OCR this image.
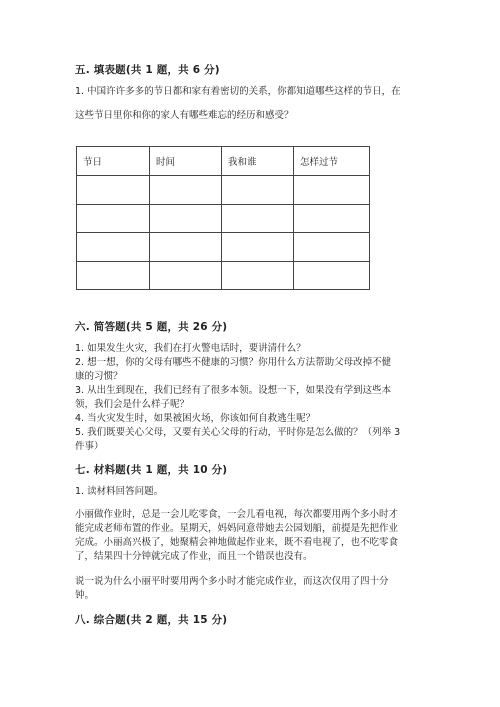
五. 填表题(共 1 题，共 6 分)
1. 中国许许多多的节日都和家有着密切的关系，你都知道哪些这样的节日，在
这些节日里你和你的家人有哪些难忘的经历和感受？
节日	时间	我和谁	怎样过节

六. 简答题(共 5 题，共 26 分)
1. 如果发生火灾，我们在打火警电话时，要讲清什么？
2. 想一想，你的父母有哪些不健康的习惯？你用什么方法帮助父母改掉不健
康的习惯？
3. 从出生到现在，我们已经有了很多本领。设想一下，如果没有学到这些本
领，我们会是什么样子呢？
4. 当火灾发生时，如果被困火场，你该如何自救逃生呢？
5. 我们既要关心父母，又要有关心父母的行动，平时你是怎么做的？（列举 3
件事）
七. 材料题(共 1 题，共 10 分)
1. 读材料回答问题。
小丽做作业时，总是一会儿吃零食，一会儿看电视，每次都要用两个多小时才
能完成老师布置的作业。星期天，妈妈同意带她去公园划船，前提是先把作业
完成。小丽高兴极了，她聚精会神地做起作业来，既不看电视了，也不吃零食
了，结果四十分钟就完成了作业，而且一个错误也没有。
说一说为什么小丽平时要用两个多小时才能完成作业，而这次仅用了四十分
钟。
八. 综合题(共 2 题，共 15 分)
